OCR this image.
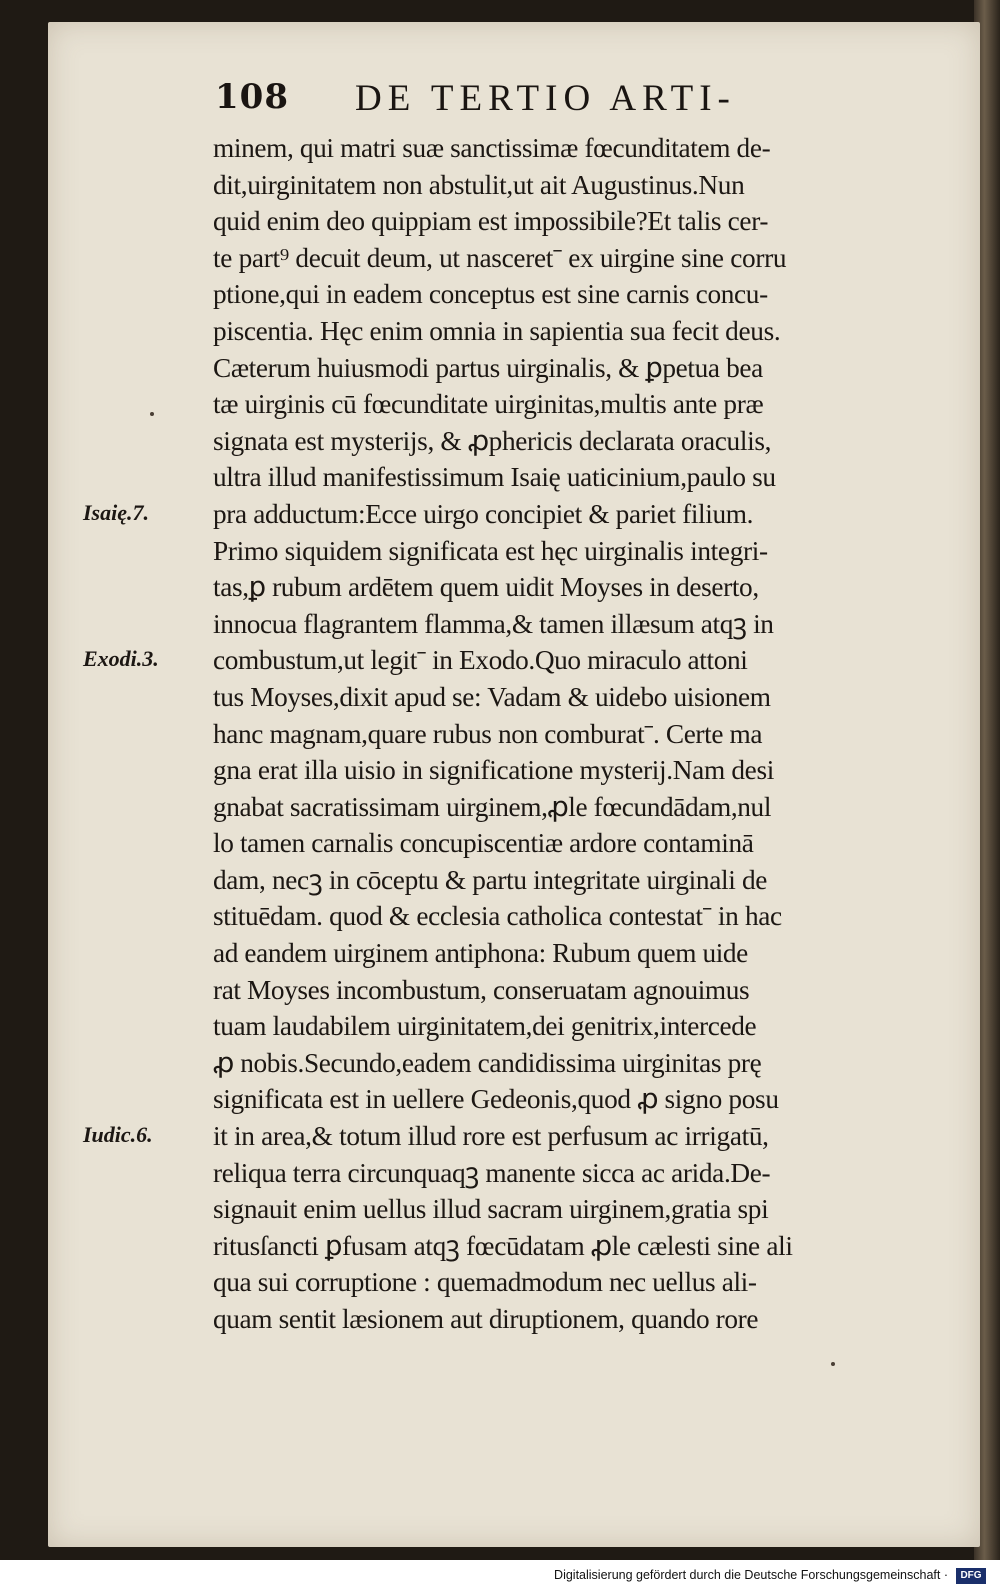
108 DE TERTIO ARTI-
minem, qui matri suæ sanctissimæ fœcunditatem de-
dit,uirginitatem non abstulit,ut ait Augustinus.Nun
quid enim deo quippiam est impossibile?Et talis cer-
te part⁹ decuit deum, ut nasceretˉ ex uirgine sine corru
ptione,qui in eadem conceptus est sine carnis concu-
piscentia. Hęc enim omnia in sapientia sua fecit deus.
Cæterum huiusmodi partus uirginalis, & ꝑpetua bea
tæ uirginis cū fœcunditate uirginitas,multis ante præ
signata est mysterijs, & ꝓphericis declarata oraculis,
ultra illud manifestissimum Isaię uaticinium,paulo su
pra adductum:Ecce uirgo concipiet & pariet filium.
Primo siquidem significata est hęc uirginalis integri-
tas,ꝑ rubum ardētem quem uidit Moyses in deserto,
innocua flagrantem flamma,& tamen illæsum atqꝫ in
combustum,ut legitˉ in Exodo.Quo miraculo attoni
tus Moyses,dixit apud se: Vadam & uidebo uisionem
hanc magnam,quare rubus non comburatˉ. Certe ma
gna erat illa uisio in significatione mysterij.Nam desi
gnabat sacratissimam uirginem,ꝓle fœcundādam,nul
lo tamen carnalis concupiscentiæ ardore contaminā
dam, necꝫ in cōceptu & partu integritate uirginali de
stituēdam. quod & ecclesia catholica contestatˉ in hac
ad eandem uirginem antiphona: Rubum quem uide
rat Moyses incombustum, conseruatam agnouimus
tuam laudabilem uirginitatem,dei genitrix,intercede
ꝓ nobis.Secundo,eadem candidissima uirginitas prę
significata est in uellere Gedeonis,quod ꝓ signo posu
it in area,& totum illud rore est perfusum ac irrigatū,
reliqua terra circunquaqꝫ manente sicca ac arida.De-
signauit enim uellus illud sacram uirginem,gratia spi
ritusſancti ꝑfusam atqꝫ fœcūdatam ꝓle cælesti sine ali
qua sui corruptione : quemadmodum nec uellus ali-
quam sentit læsionem aut diruptionem, quando rore
Isaię.7.
Exodi.3.
Iudic.6.
Digitalisierung gefördert durch die Deutsche Forschungsgemeinschaft ·	DFG
